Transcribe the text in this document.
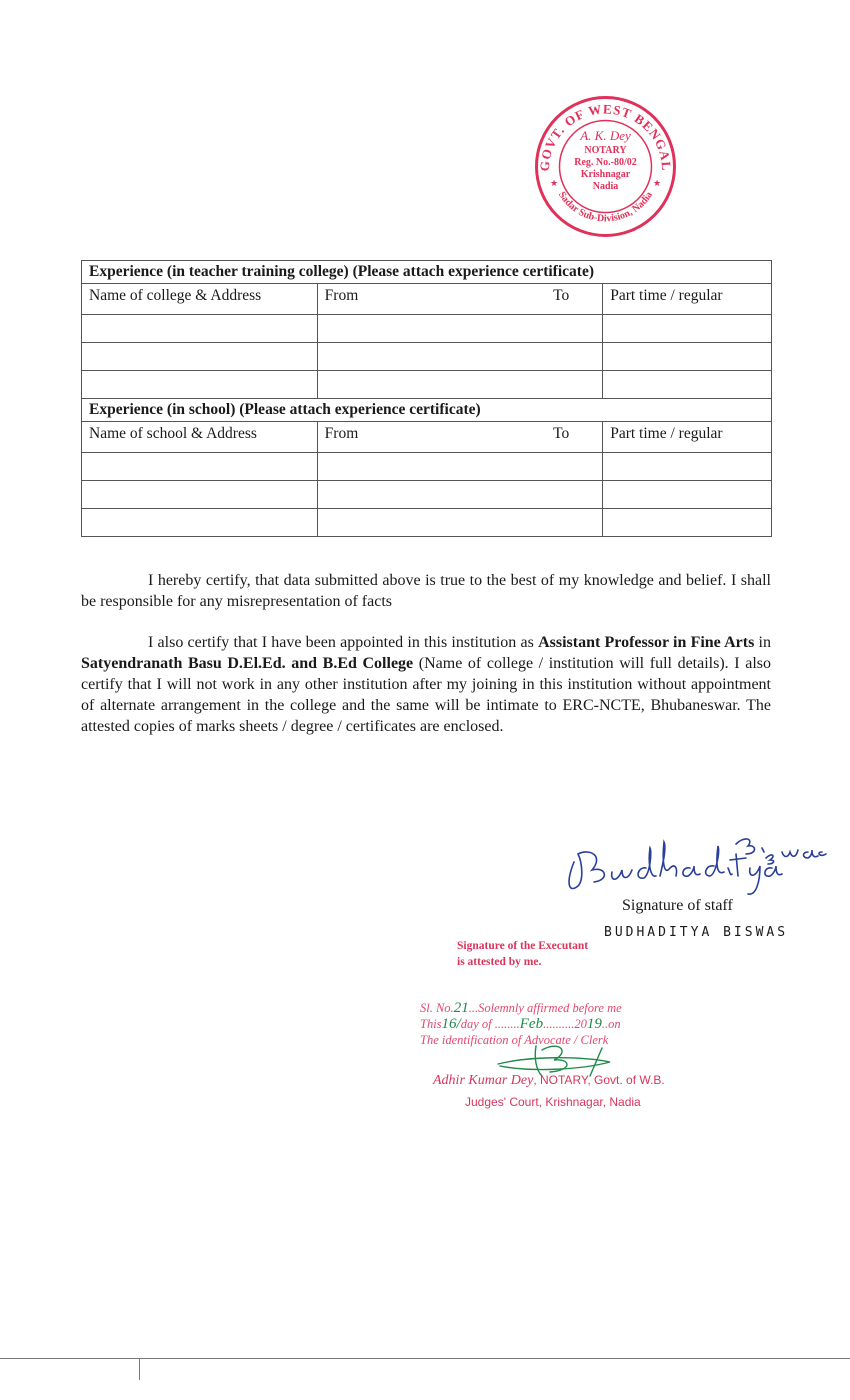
GOVT. OF WEST BENGAL
Sadar Sub-Division, Nadia
★	★
A. K. Dey
NOTARY
Reg. No.-80/02
Krishnagar
Nadia
Experience (in teacher training college) (Please attach experience certificate)		
Name of college & Address	From To	Part time / regular

Experience (in school) (Please attach experience certificate)		
Name of school & Address	From To	Part time / regular

I hereby certify, that data submitted above is true to the best of my knowledge and belief. I shall be responsible for any misrepresentation of facts
I also certify that I have been appointed in this institution as Assistant Professor in Fine Arts in Satyendranath Basu D.El.Ed. and B.Ed College (Name of college / institution will full details). I also certify that I will not work in any other institution after my joining in this institution without appointment of alternate arrangement in the college and the same will be intimate to ERC-NCTE, Bhubaneswar. The attested copies of marks sheets / degree / certificates are enclosed.
Signature of staff
BUDHADITYA BISWAS
Signature of the Executant
is attested by me.
Sl. No.21...Solemnly affirmed before me
This16/day of ........Feb..........2019..on
The identification of Advocate / Clerk
Adhir Kumar Dey, NOTARY, Govt. of W.B.
Judges' Court, Krishnagar, Nadia
